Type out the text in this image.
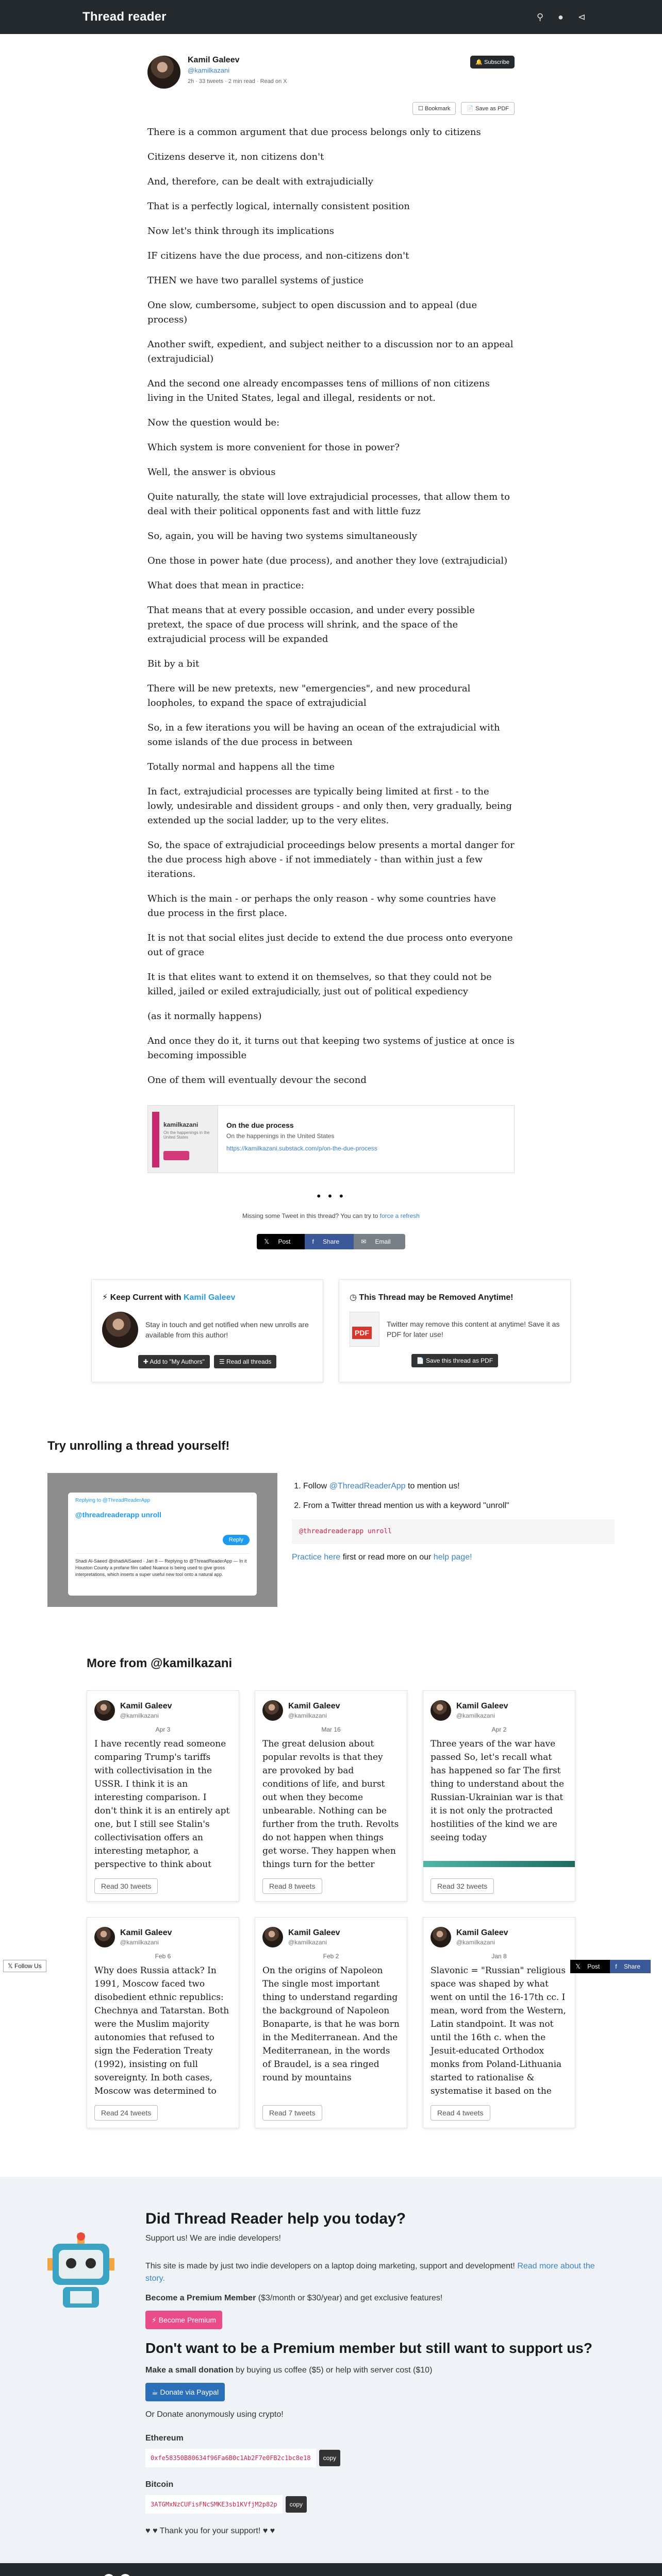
Thread reader	⚲ ● ⊲
Kamil Galeev
@kamilkazani
2h · 33 tweets · 2 min read · Read on X
🔔 Subscribe
☐ Bookmark	📄 Save as PDF

There is a common argument that due process belongs only to citizens

Citizens deserve it, non citizens don't

And, therefore, can be dealt with extrajudicially

That is a perfectly logical, internally consistent position

Now let's think through its implications

IF citizens have the due process, and non-citizens don't

THEN we have two parallel systems of justice

One slow, cumbersome, subject to open discussion and to appeal (due process)

Another swift, expedient, and subject neither to a discussion nor to an appeal (extrajudicial)

And the second one already encompasses tens of millions of non citizens living in the United States, legal and illegal, residents or not.

Now the question would be:

Which system is more convenient for those in power?

Well, the answer is obvious

Quite naturally, the state will love extrajudicial processes, that allow them to deal with their political opponents fast and with little fuzz

So, again, you will be having two systems simultaneously

One those in power hate (due process), and another they love (extrajudicial)

What does that mean in practice:

That means that at every possible occasion, and under every possible pretext, the space of due process will shrink, and the space of the extrajudicial process will be expanded

Bit by a bit

There will be new pretexts, new "emergencies", and new procedural loopholes, to expand the space of extrajudicial

So, in a few iterations you will be having an ocean of the extrajudicial with some islands of the due process in between

Totally normal and happens all the time

In fact, extrajudicial processes are typically being limited at first - to the lowly, undesirable and dissident groups - and only then, very gradually, being extended up the social ladder, up to the very elites.

So, the space of extrajudicial proceedings below presents a mortal danger for the due process high above - if not immediately - than within just a few iterations.

Which is the main - or perhaps the only reason - why some countries have due process in the first place.

It is not that social elites just decide to extend the due process onto everyone out of grace

It is that elites want to extend it on themselves, so that they could not be killed, jailed or exiled extrajudicially, just out of political expediency

(as it normally happens)

And once they do it, it turns out that keeping two systems of justice at once is becoming impossible

One of them will eventually devour the second

kamilkazani
On the happenings in the United States
On the due process
On the happenings in the United States
https://kamilkazani.substack.com/p/on-the-due-process
• • •
Missing some Tweet in this thread? You can try to force a refresh
𝕏 Post	f Share	✉ Email
⚡ Keep Current with Kamil Galeev
Stay in touch and get notified when new unrolls are available from this author!
✚ Add to "My Authors"	☰ Read all threads
◷ This Thread may be Removed Anytime!
PDF
Twitter may remove this content at anytime! Save it as PDF for later use!
📄 Save this thread as PDF
Try unrolling a thread yourself!
Replying to @ThreadReaderApp
@threadreaderapp unroll
Reply
Shadi Al-Saeed @shadiAlSaeed · Jan 8 — Replying to @ThreadReaderApp — In it Houston County a profane film called Nuance is being used to give gross interpretations, which inserts a super useful new tool onto a natural app.
1. Follow @ThreadReaderApp to mention us!
2. From a Twitter thread mention us with a keyword "unroll"
@threadreaderapp unroll
Practice here first or read more on our help page!
More from @kamilkazani
Kamil Galeev
@kamilkazani
Apr 3
I have recently read someone comparing Trump's tariffs with collectivisation in the USSR. I think it is an interesting comparison. I don't think it is an entirely apt one, but I still see Stalin's collectivisation offers an interesting metaphor, a perspective to think about
Read 30 tweets
Kamil Galeev
@kamilkazani
Mar 16
The great delusion about popular revolts is that they are provoked by bad conditions of life, and burst out when they become unbearable. Nothing can be further from the truth. Revolts do not happen when things get worse. They happen when things turn for the better
Read 8 tweets
Kamil Galeev
@kamilkazani
Apr 2
Three years of the war have passed So, let's recall what has happened so far The first thing to understand about the Russian-Ukrainian war is that it is not only the protracted hostilities of the kind we are seeing today
Read 32 tweets
Kamil Galeev
@kamilkazani
Feb 6
Why does Russia attack? In 1991, Moscow faced two disobedient ethnic republics: Chechnya and Tatarstan. Both were the Muslim majority autonomies that refused to sign the Federation Treaty (1992), insisting on full sovereignty. In both cases, Moscow was determined to
Read 24 tweets
Kamil Galeev
@kamilkazani
Feb 2
On the origins of Napoleon The single most important thing to understand regarding the background of Napoleon Bonaparte, is that he was born in the Mediterranean. And the Mediterranean, in the words of Braudel, is a sea ringed round by mountains
Read 7 tweets
Kamil Galeev
@kamilkazani
Jan 8
Slavonic = "Russian" religious space was shaped by what went on until the 16-17th cc. I mean, word from the Western, Latin standpoint. It was not until the 16th c. when the Jesuit-educated Orthodox monks from Poland-Lithuania started to rationalise & systematise it based on the
Read 4 tweets
𝕏 Follow Us	𝕏 Post	f Share
Did Thread Reader help you today?
Support us! We are indie developers!
This site is made by just two indie developers on a laptop doing marketing, support and development! Read more about the story.
Become a Premium Member ($3/month or $30/year) and get exclusive features!
⚡ Become Premium
Don't want to be a Premium member but still want to support us?
Make a small donation by buying us coffee ($5) or help with server cost ($10)
☕ Donate via Paypal
Or Donate anonymously using crypto!
Ethereum
0xfe58350B80634f96Fa6B0c1Ab2F7e0FB2c1bc8e18	copy
Bitcoin
3ATGMxNzCUFisFNcSMKE3sb1KVfjM2p82p	copy
♥ ♥ Thank you for your support! ♥ ♥
